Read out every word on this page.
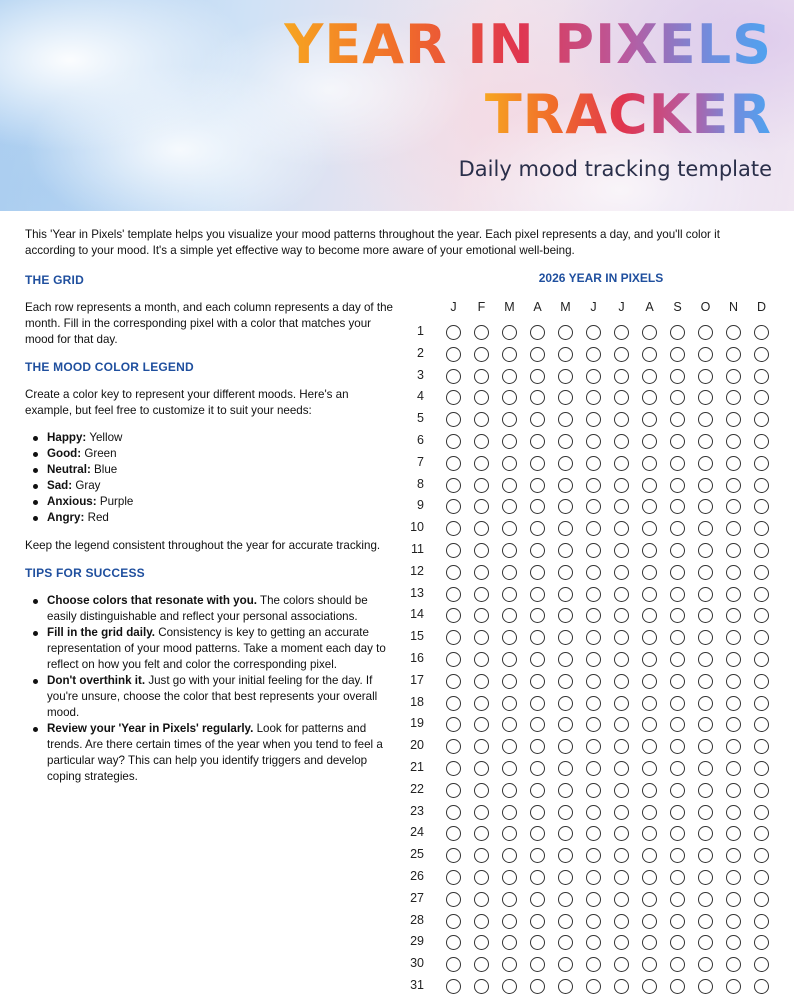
YEAR IN PIXELS
TRACKER
Daily mood tracking template

This 'Year in Pixels' template helps you visualize your mood patterns throughout the year. Each pixel represents a day, and you'll color it according to your mood. It's a simple yet effective way to become more aware of your emotional well-being.

THE GRID

Each row represents a month, and each column represents a day of the month. Fill in the corresponding pixel with a color that matches your mood for that day.

THE MOOD COLOR LEGEND

Create a color key to represent your different moods. Here's an example, but feel free to customize it to suit your needs:

Happy: Yellow
Good: Green
Neutral: Blue
Sad: Gray
Anxious: Purple
Angry: Red

Keep the legend consistent throughout the year for accurate tracking.

TIPS FOR SUCCESS
Choose colors that resonate with you. The colors should be easily distinguishable and reflect your personal associations.
Fill in the grid daily. Consistency is key to getting an accurate representation of your mood patterns. Take a moment each day to reflect on how you felt and color the corresponding pixel.
Don't overthink it. Just go with your initial feeling for the day. If you're unsure, choose the color that best represents your overall mood.
Review your 'Year in Pixels' regularly. Look for patterns and trends. Are there certain times of the year when you tend to feel a particular way? This can help you identify triggers and develop coping strategies.
2026 YEAR IN PIXELS
J	F	M	A	M	J	J	A	S	O	N	D
1
2
3
4
5
6
7
8
9
10
11
12
13
14
15
16
17
18
19
20
21
22
23
24
25
26
27
28
29
30
31
